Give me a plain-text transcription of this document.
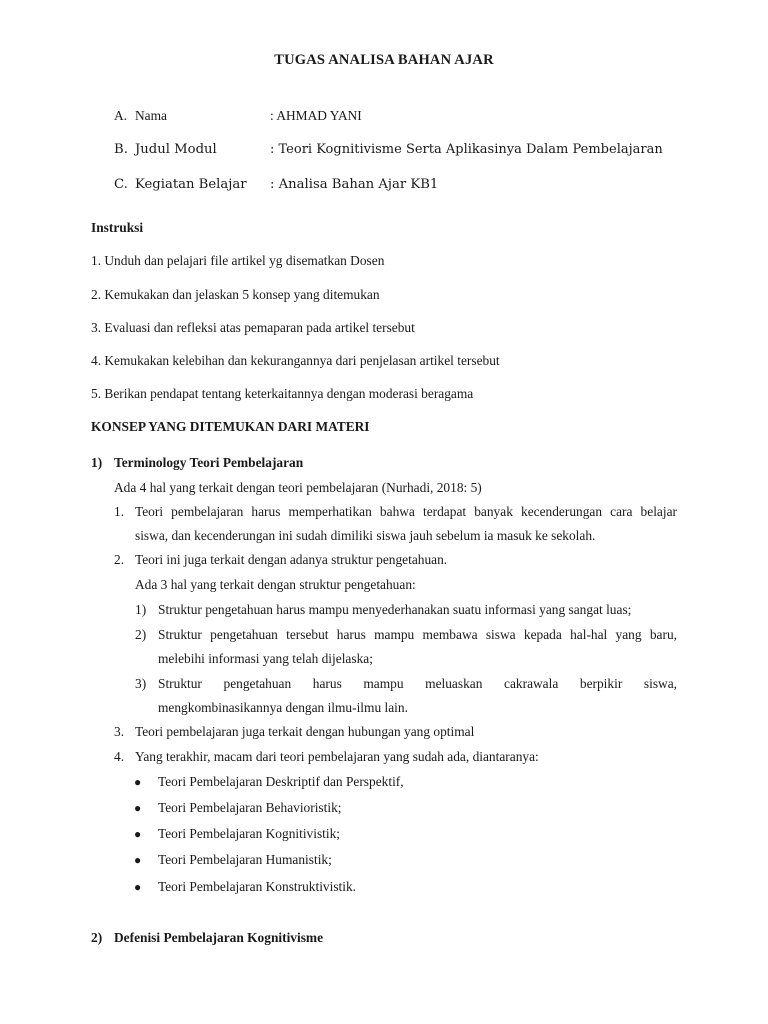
TUGAS ANALISA BAHAN AJAR
A. Nama	: AHMAD YANI
B. Judul Modul	: Teori Kognitivisme Serta Aplikasinya Dalam Pembelajaran
C. Kegiatan Belajar : Analisa Bahan Ajar KB1
Instruksi
1. Unduh dan pelajari file artikel yg disematkan Dosen
2. Kemukakan dan jelaskan 5 konsep yang ditemukan
3. Evaluasi dan refleksi atas pemaparan pada artikel tersebut
4. Kemukakan kelebihan dan kekurangannya dari penjelasan artikel tersebut
5. Berikan pendapat tentang keterkaitannya dengan moderasi beragama
KONSEP YANG DITEMUKAN DARI MATERI
1) Terminology Teori Pembelajaran
Ada 4 hal yang terkait dengan teori pembelajaran (Nurhadi, 2018: 5)
1. Teori pembelajaran harus memperhatikan bahwa terdapat banyak kecenderungan cara belajar
siswa, dan kecenderungan ini sudah dimiliki siswa jauh sebelum ia masuk ke sekolah.
2. Teori ini juga terkait dengan adanya struktur pengetahuan.
Ada 3 hal yang terkait dengan struktur pengetahuan:
1) Struktur pengetahuan harus mampu menyederhanakan suatu informasi yang sangat luas;
2) Struktur pengetahuan tersebut harus mampu membawa siswa kepada hal-hal yang baru,
melebihi informasi yang telah dijelaska;
3) Struktur pengetahuan harus mampu meluaskan cakrawala berpikir siswa,
mengkombinasikannya dengan ilmu-ilmu lain.
3. Teori pembelajaran juga terkait dengan hubungan yang optimal
4. Yang terakhir, macam dari teori pembelajaran yang sudah ada, diantaranya:
● Teori Pembelajaran Deskriptif dan Perspektif,
● Teori Pembelajaran Behavioristik;
● Teori Pembelajaran Kognitivistik;
● Teori Pembelajaran Humanistik;
● Teori Pembelajaran Konstruktivistik.
2) Defenisi Pembelajaran Kognitivisme
